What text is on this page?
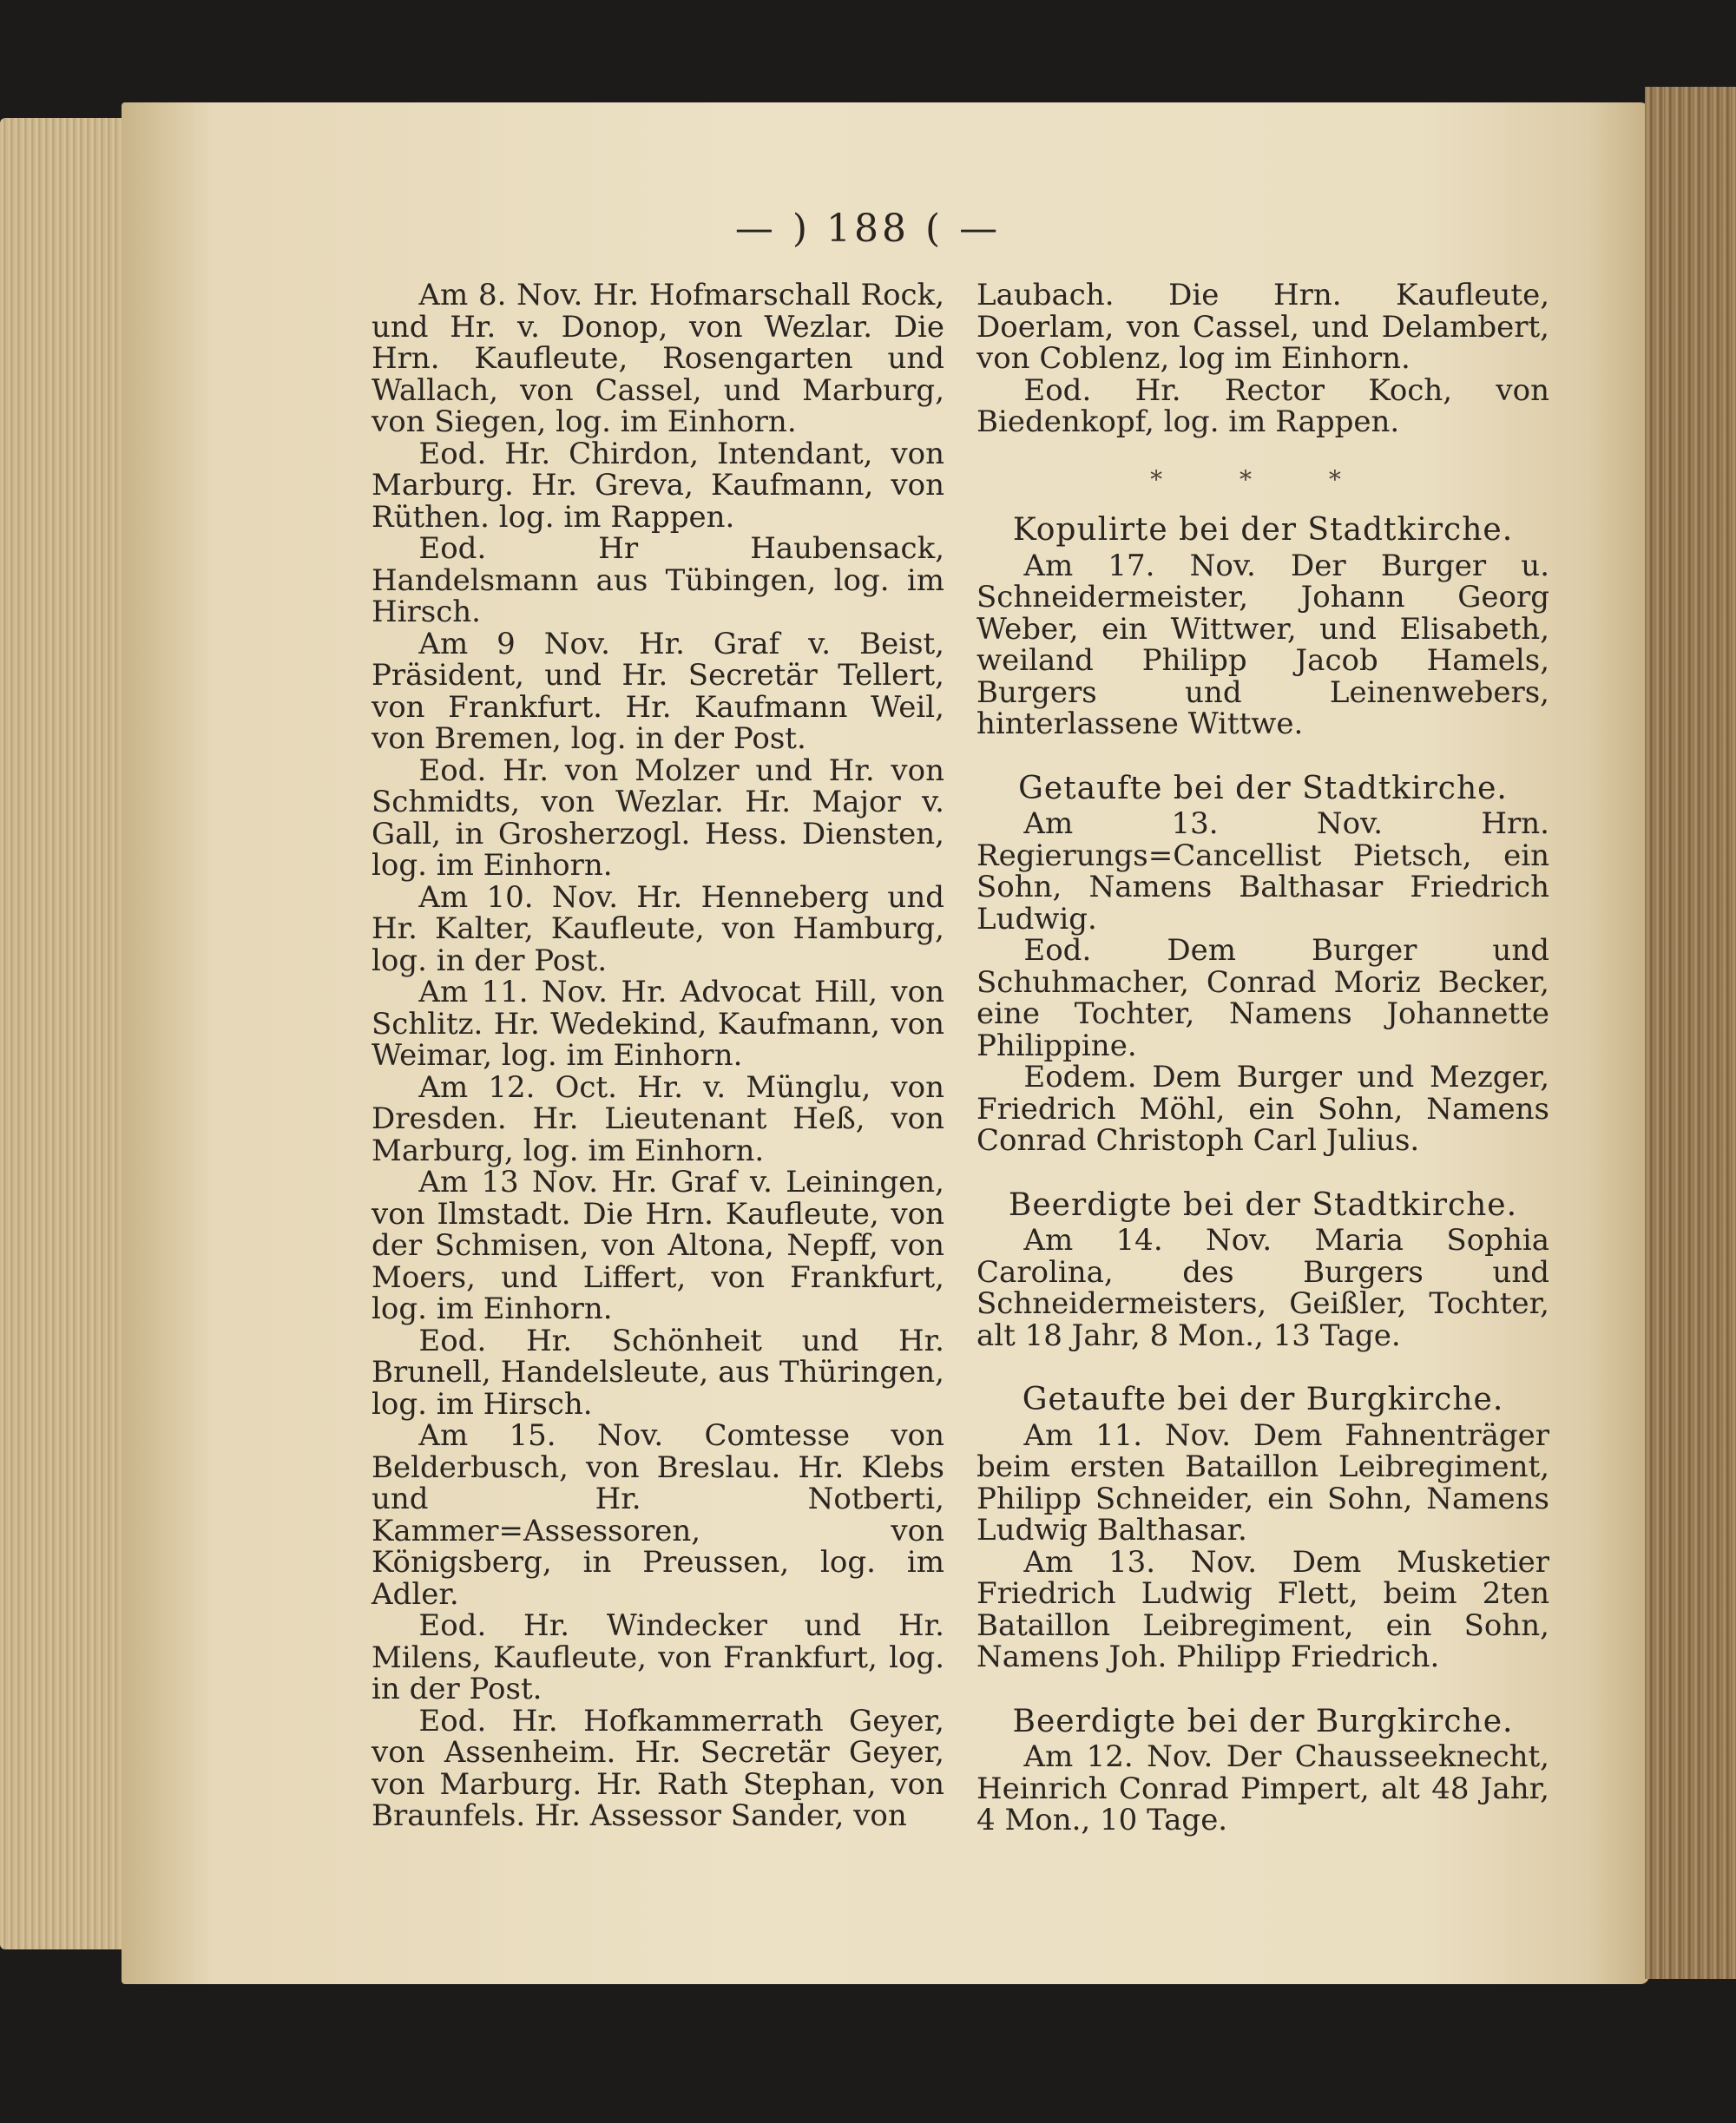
— ) 188 ( —

Am 8. Nov. Hr. Hofmarschall Rock, und Hr. v. Donop, von Wezlar. Die Hrn. Kaufleute, Rosengarten und Wallach, von Cassel, und Marburg, von Siegen, log. im Einhorn.

Eod. Hr. Chirdon, Intendant, von Marburg. Hr. Greva, Kaufmann, von Rüthen. log. im Rappen.

Eod. Hr Haubensack, Handelsmann aus Tübingen, log. im Hirsch.

Am 9 Nov. Hr. Graf v. Beist, Präsident, und Hr. Secretär Tellert, von Frankfurt. Hr. Kaufmann Weil, von Bremen, log. in der Post.

Eod. Hr. von Molzer und Hr. von Schmidts, von Wezlar. Hr. Major v. Gall, in Grosherzogl. Hess. Diensten, log. im Einhorn.

Am 10. Nov. Hr. Henneberg und Hr. Kalter, Kaufleute, von Hamburg, log. in der Post.

Am 11. Nov. Hr. Advocat Hill, von Schlitz. Hr. Wedekind, Kaufmann, von Weimar, log. im Einhorn.

Am 12. Oct. Hr. v. Münglu, von Dresden. Hr. Lieutenant Heß, von Marburg, log. im Einhorn.

Am 13 Nov. Hr. Graf v. Leiningen, von Ilmstadt. Die Hrn. Kaufleute, von der Schmisen, von Altona, Nepff, von Moers, und Liffert, von Frankfurt, log. im Einhorn.

Eod. Hr. Schönheit und Hr. Brunell, Handelsleute, aus Thüringen, log. im Hirsch.

Am 15. Nov. Comtesse von Belderbusch, von Breslau. Hr. Klebs und Hr. Notberti, Kammer=Assessoren, von Königsberg, in Preussen, log. im Adler.

Eod. Hr. Windecker und Hr. Milens, Kaufleute, von Frankfurt, log. in der Post.

Eod. Hr. Hofkammerrath Geyer, von Assenheim. Hr. Secretär Geyer, von Marburg. Hr. Rath Stephan, von Braunfels. Hr. Assessor Sander, von

Laubach. Die Hrn. Kaufleute, Doerlam, von Cassel, und Delambert, von Coblenz, log im Einhorn.

Eod. Hr. Rector Koch, von Biedenkopf, log. im Rappen.

* * *
Kopulirte bei der Stadtkirche.

Am 17. Nov. Der Burger u. Schneidermeister, Johann Georg Weber, ein Wittwer, und Elisabeth, weiland Philipp Jacob Hamels, Burgers und Leinenwebers, hinterlassene Wittwe.

Getaufte bei der Stadtkirche.

Am 13. Nov. Hrn. Regierungs=Cancellist Pietsch, ein Sohn, Namens Balthasar Friedrich Ludwig.

Eod. Dem Burger und Schuhmacher, Conrad Moriz Becker, eine Tochter, Namens Johannette Philippine.

Eodem. Dem Burger und Mezger, Friedrich Möhl, ein Sohn, Namens Conrad Christoph Carl Julius.

Beerdigte bei der Stadtkirche.

Am 14. Nov. Maria Sophia Carolina, des Burgers und Schneidermeisters, Geißler, Tochter, alt 18 Jahr, 8 Mon., 13 Tage.

Getaufte bei der Burgkirche.

Am 11. Nov. Dem Fahnenträger beim ersten Bataillon Leibregiment, Philipp Schneider, ein Sohn, Namens Ludwig Balthasar.

Am 13. Nov. Dem Musketier Friedrich Ludwig Flett, beim 2ten Bataillon Leibregiment, ein Sohn, Namens Joh. Philipp Friedrich.

Beerdigte bei der Burgkirche.

Am 12. Nov. Der Chausseeknecht, Heinrich Conrad Pimpert, alt 48 Jahr, 4 Mon., 10 Tage.
